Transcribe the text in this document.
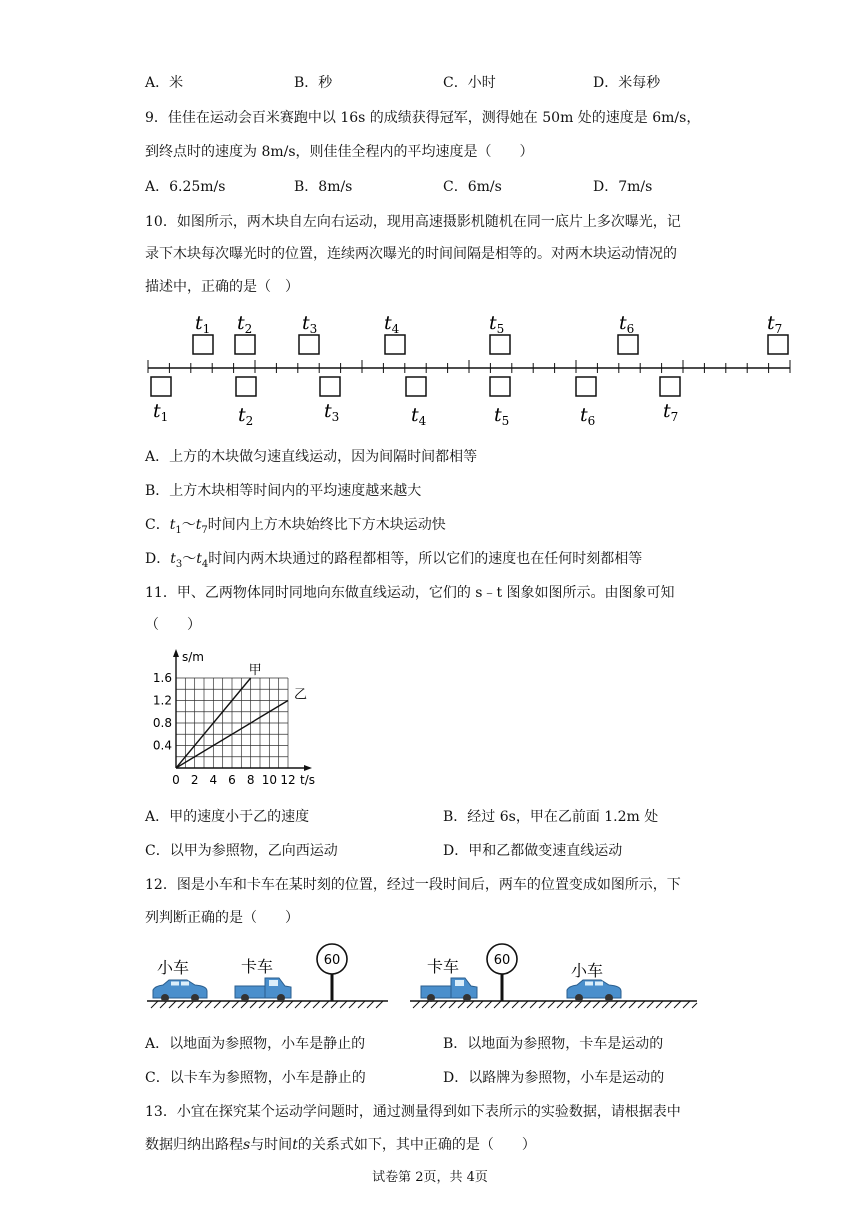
A．米	B．秒	C．小时	D．米每秒
9．佳佳在运动会百米赛跑中以 16s 的成绩获得冠军，测得她在 50m 处的速度是 6m/s，
到终点时的速度为 8m/s，则佳佳全程内的平均速度是（　　）
A．6.25m/s	B．8m/s	C．6m/s	D．7m/s
10．如图所示，两木块自左向右运动，现用高速摄影机随机在同一底片上多次曝光，记
录下木块每次曝光时的位置，连续两次曝光的时间间隔是相等的。对两木块运动情况的
描述中，正确的是（　）
$t_1$ $t_2$	$t_3$	$t_4$	$t_5$	$t_6$	$t_7$
$t_1$	$t_2$	$t_3$	$t_4$	$t_5$	$t_6$	$t_7$
A．上方的木块做匀速直线运动，因为间隔时间都相等
B．上方木块相等时间内的平均速度越来越大
C．$t_1\sim t_7$时间内上方木块始终比下方木块运动快
D．$t_3\sim t_4$时间内两木块通过的路程都相等，所以它们的速度也在任何时刻都相等
11．甲、乙两物体同时同地向东做直线运动，它们的 s﹣t 图象如图所示。由图象可知
（　　）
甲
乙
0 2 4 6 8 10 12
0.4
0.8
1.2
1.6
s/m
t/s
A．甲的速度小于乙的速度	B．经过 6s，甲在乙前面 1.2m 处
C．以甲为参照物，乙向西运动	D．甲和乙都做变速直线运动
12．图是小车和卡车在某时刻的位置，经过一段时间后，两车的位置变成如图所示，下
列判断正确的是（　　）
小车	卡车	60	卡车	60
小车
A．以地面为参照物，小车是静止的	B．以地面为参照物，卡车是运动的
C．以卡车为参照物，小车是静止的	D．以路牌为参照物，小车是运动的
13．小宜在探究某个运动学问题时，通过测量得到如下表所示的实验数据，请根据表中
数据归纳出路程s与时间t的关系式如下，其中正确的是（　　）
试卷第 2页，共 4页
